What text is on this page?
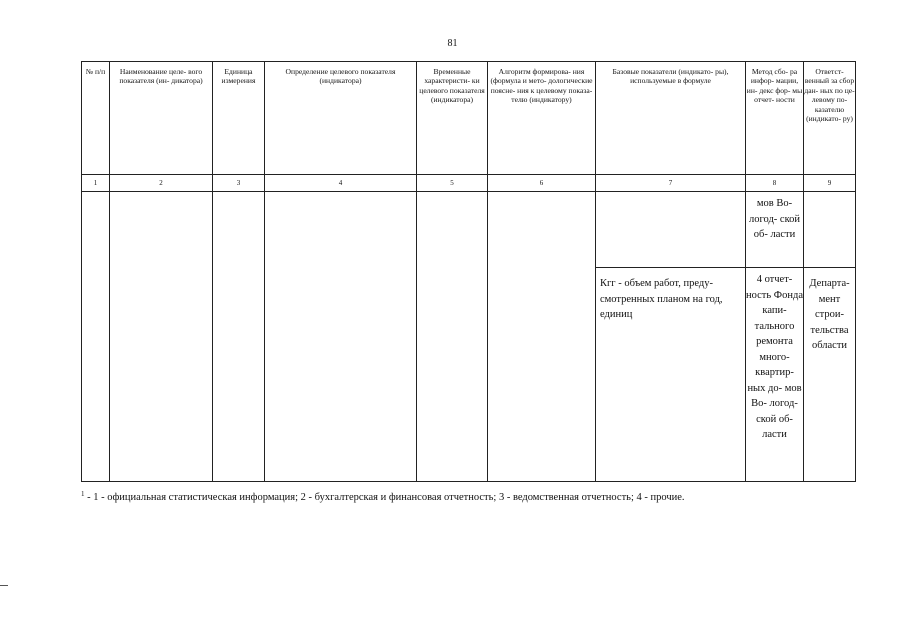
81
№ п/п	Наименование целе- вого показателя (ин- дикатора)	Единица измерения	Определение целевого показателя (индикатора)	Временные характеристи- ки целевого показателя (индикатора)	Алгоритм формирова- ния (формула и мето- дологические поясне- ния к целевому показа- телю (индикатору)	Базовые показатели (индикато- ры), используемые в формуле	Метод сбо- ра инфор- мации, ин- декс фор- мы отчет- ности	Ответст- венный за сбор дан- ных по це- левому по- казателю (индикато- ру)
1	2	3	4	5	6	7	8	9
							мов Во- логод- ской об- ласти	
						Кгг - объем работ, преду- смотренных планом на год, единиц	4 отчет- ность Фонда капи- тального ремонта много- квартир- ных до- мов Во- логод- ской об- ласти	Департа- мент строи- тельства области
$^1$ - 1 - официальная статистическая информация; 2 - бухгалтерская и финансовая отчетность; 3 - ведомственная отчетность; 4 - прочие.
